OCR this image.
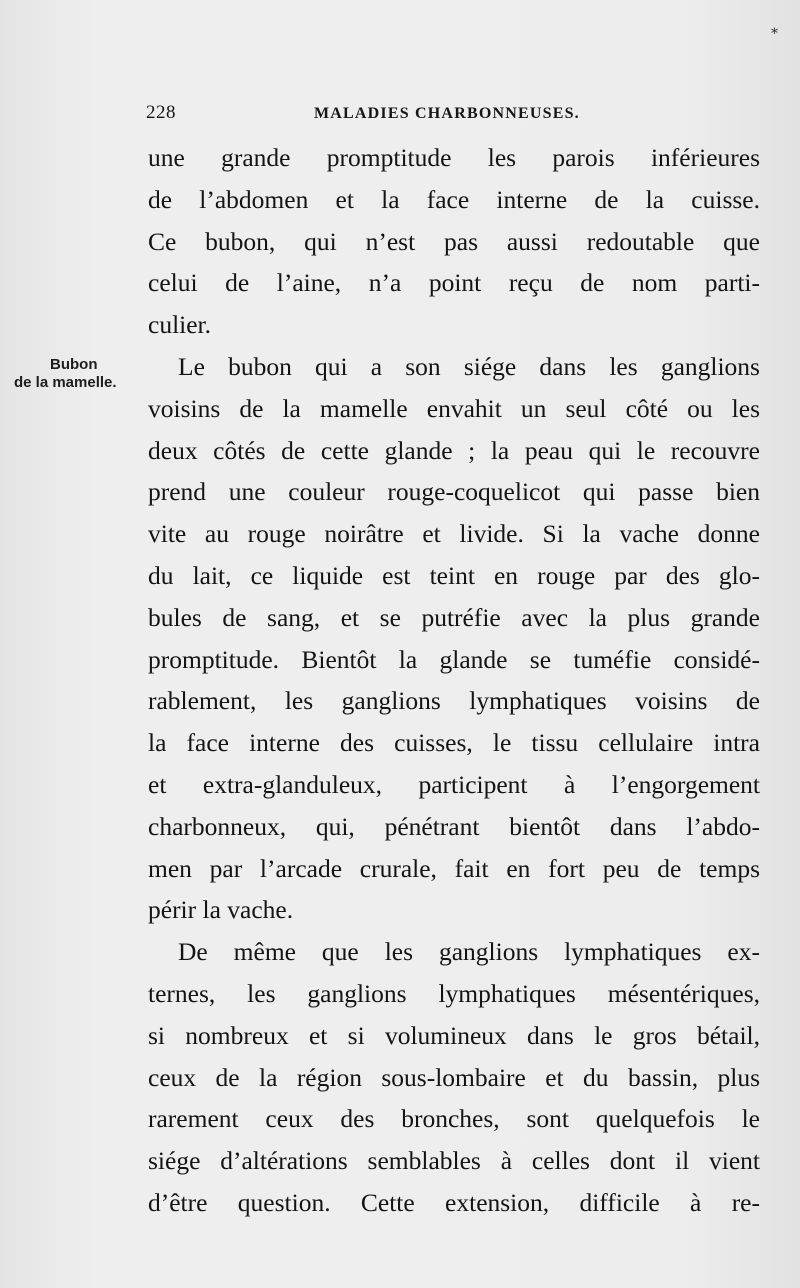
*
228	MALADIES CHARBONNEUSES.
Bubon
de la mamelle.
une grande promptitude les parois inférieures
de l’abdomen et la face interne de la cuisse.
Ce bubon, qui n’est pas aussi redoutable que
celui de l’aine, n’a point reçu de nom parti-
culier.
Le bubon qui a son siége dans les ganglions
voisins de la mamelle envahit un seul côté ou les
deux côtés de cette glande ; la peau qui le recouvre
prend une couleur rouge-coquelicot qui passe bien
vite au rouge noirâtre et livide. Si la vache donne
du lait, ce liquide est teint en rouge par des glo-
bules de sang, et se putréfie avec la plus grande
promptitude. Bientôt la glande se tuméfie considé-
rablement, les ganglions lymphatiques voisins de
la face interne des cuisses, le tissu cellulaire intra
et extra-glanduleux, participent à l’engorgement
charbonneux, qui, pénétrant bientôt dans l’abdo-
men par l’arcade crurale, fait en fort peu de temps
périr la vache.
De même que les ganglions lymphatiques ex-
ternes, les ganglions lymphatiques mésentériques,
si nombreux et si volumineux dans le gros bétail,
ceux de la région sous-lombaire et du bassin, plus
rarement ceux des bronches, sont quelquefois le
siége d’altérations semblables à celles dont il vient
d’être question. Cette extension, difficile à re-
